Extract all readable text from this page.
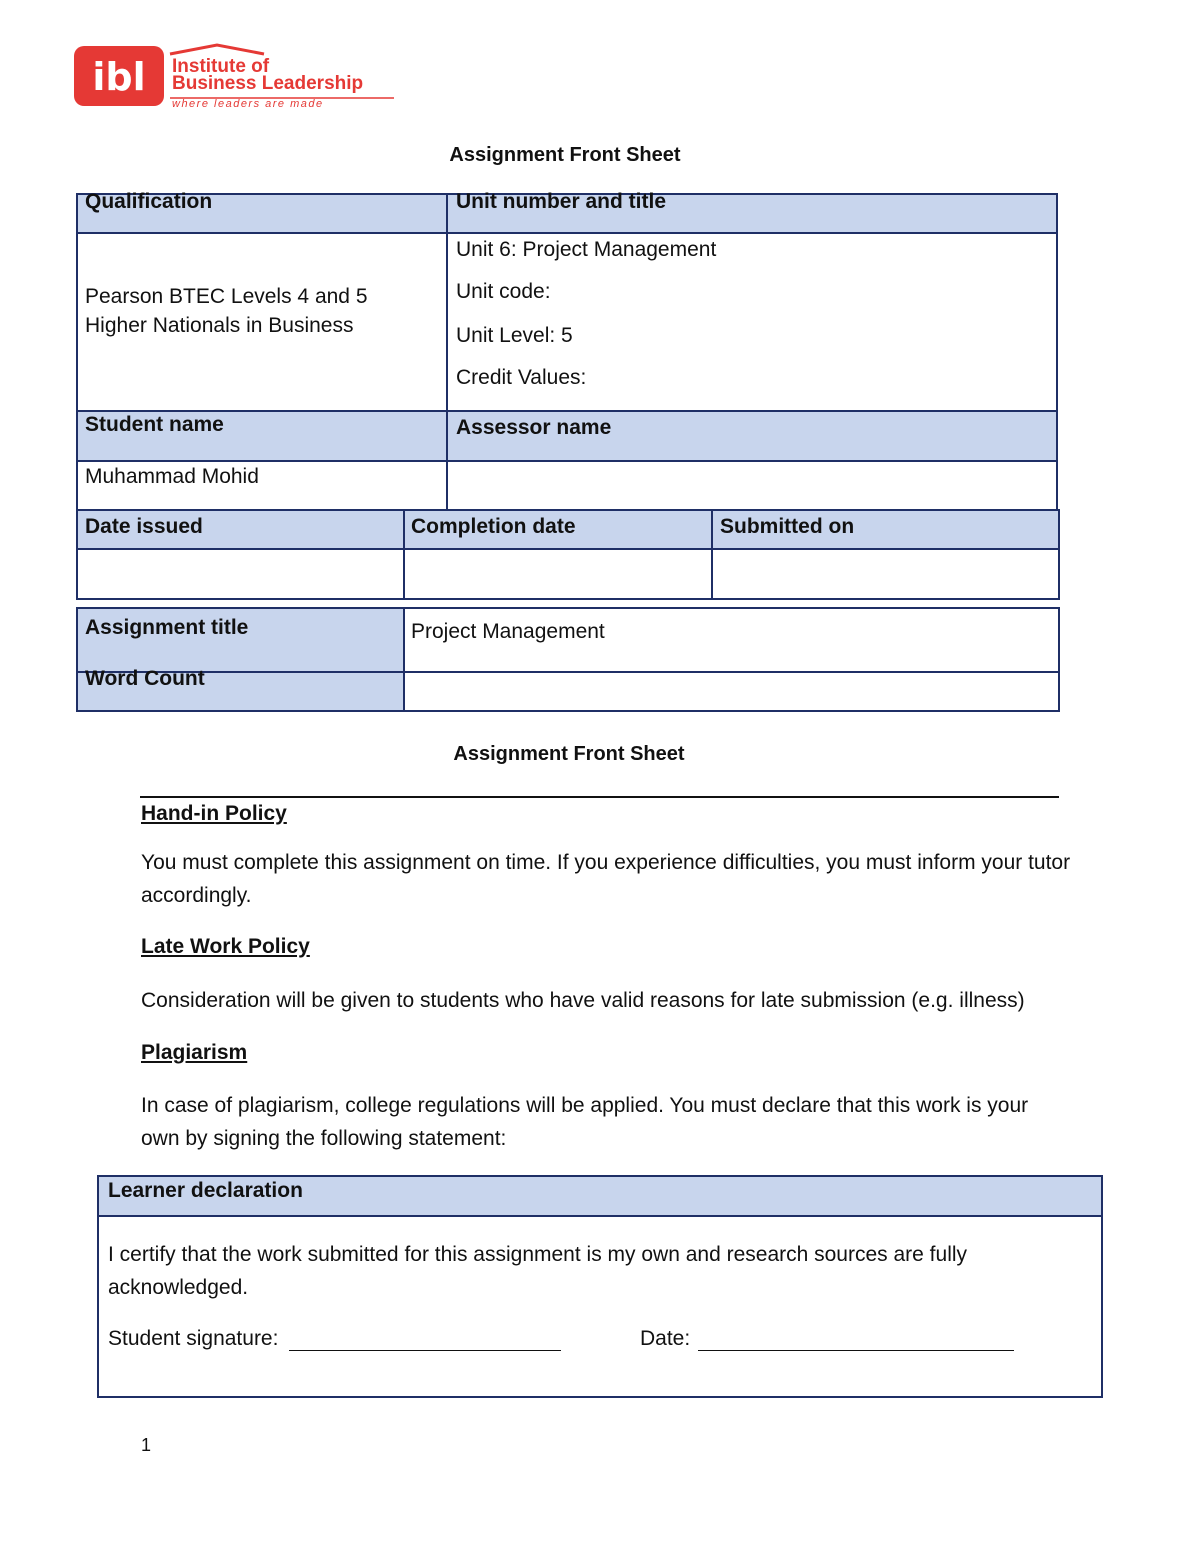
ibl Institute of
Business Leadership
where leaders are made
Assignment Front Sheet
Qualification	Unit number and title
Pearson BTEC Levels 4 and 5 Higher Nationals in Business
Unit 6: Project Management
Unit code:
Unit Level: 5
Credit Values:
Student name	Assessor name
Muhammad Mohid
Date issued	Completion date	Submitted on
Assignment title	Project Management
Word Count
Assignment Front Sheet
Hand-in Policy
You must complete this assignment on time. If you experience difficulties, you must inform your tutor accordingly.
Late Work Policy
Consideration will be given to students who have valid reasons for late submission (e.g. illness)
Plagiarism
In case of plagiarism, college regulations will be applied. You must declare that this work is your own by signing the following statement:
Learner declaration
I certify that the work submitted for this assignment is my own and research sources are fully acknowledged.
Student signature:	Date:
1
